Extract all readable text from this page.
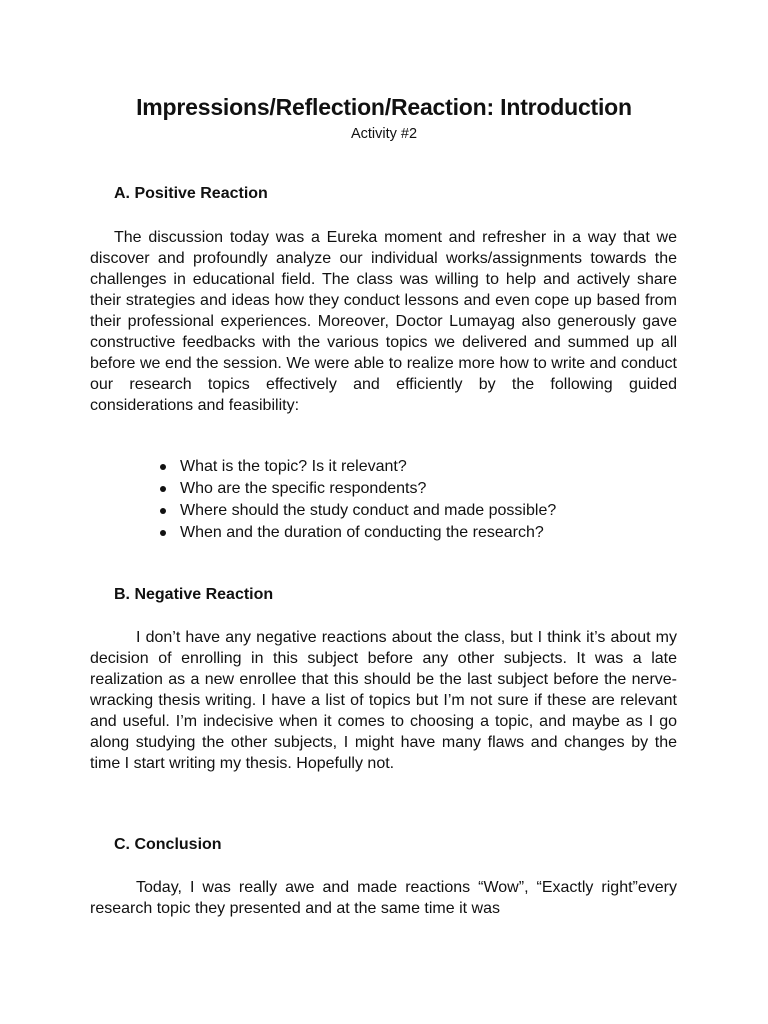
Impressions/Reflection/Reaction: Introduction
Activity #2
A. Positive Reaction

The discussion today was a Eureka moment and refresher in a way that we discover and profoundly analyze our individual works/assignments towards the challenges in educational field. The class was willing to help and actively share their strategies and ideas how they conduct lessons and even cope up based from their professional experiences. Moreover, Doctor Lumayag also generously gave constructive feedbacks with the various topics we delivered and summed up all before we end the session. We were able to realize more how to write and conduct our research topics effectively and efficiently by the following guided considerations and feasibility:

What is the topic? Is it relevant?
Who are the specific respondents?
Where should the study conduct and made possible?
When and the duration of conducting the research?
B. Negative Reaction

I don’t have any negative reactions about the class, but I think it’s about my decision of enrolling in this subject before any other subjects. It was a late realization as a new enrollee that this should be the last subject before the nerve-wracking thesis writing. I have a list of topics but I’m not sure if these are relevant and useful. I’m indecisive when it comes to choosing a topic, and maybe as I go along studying the other subjects, I might have many flaws and changes by the time I start writing my thesis. Hopefully not.

C. Conclusion

Today, I was really awe and made reactions “Wow”, “Exactly right”every research topic they presented and at the same time it was
